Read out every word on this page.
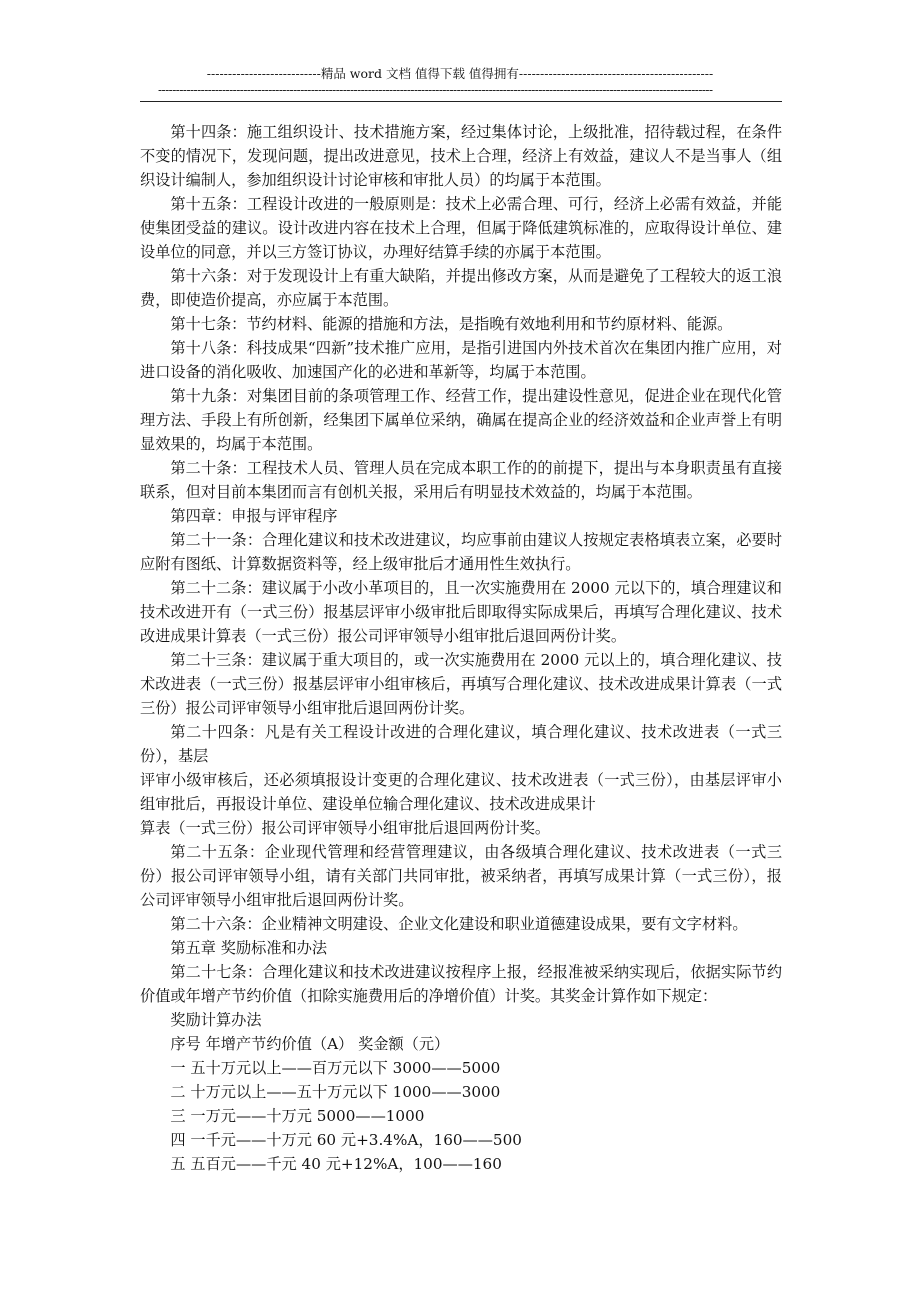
---------------------------精品 word 文档 值得下载 值得拥有----------------------------------------------
------------------------------------------------------------------------------------------------------------------------------------------------------------

第十四条：施工组织设计、技术措施方案，经过集体讨论，上级批准，招待载过程，在条件不变的情况下，发现问题，提出改进意见，技术上合理，经济上有效益，建议人不是当事人（组织设计编制人，参加组织设计讨论审核和审批人员）的均属于本范围。

第十五条：工程设计改进的一般原则是：技术上必需合理、可行，经济上必需有效益，并能使集团受益的建议。设计改进内容在技术上合理，但属于降低建筑标准的，应取得设计单位、建设单位的同意，并以三方签订协议，办理好结算手续的亦属于本范围。

第十六条：对于发现设计上有重大缺陷，并提出修改方案，从而是避免了工程较大的返工浪费，即使造价提高，亦应属于本范围。

第十七条：节约材料、能源的措施和方法，是指晚有效地利用和节约原材料、能源。

第十八条：科技成果“四新”技术推广应用，是指引进国内外技术首次在集团内推广应用，对进口设备的消化吸收、加速国产化的必进和革新等，均属于本范围。

第十九条：对集团目前的条项管理工作、经营工作，提出建设性意见，促进企业在现代化管理方法、手段上有所创新，经集团下属单位采纳，确属在提高企业的经济效益和企业声誉上有明显效果的，均属于本范围。

第二十条：工程技术人员、管理人员在完成本职工作的的前提下，提出与本身职责虽有直接联系，但对目前本集团而言有创机关报，采用后有明显技术效益的，均属于本范围。

第四章：申报与评审程序

第二十一条：合理化建议和技术改进建议，均应事前由建议人按规定表格填表立案，必要时应附有图纸、计算数据资料等，经上级审批后才通用性生效执行。

第二十二条：建议属于小改小革项目的，且一次实施费用在 2000 元以下的，填合理建议和技术改进开有（一式三份）报基层评审小级审批后即取得实际成果后，再填写合理化建议、技术改进成果计算表（一式三份）报公司评审领导小组审批后退回两份计奖。

第二十三条：建议属于重大项目的，或一次实施费用在 2000 元以上的，填合理化建议、技术改进表（一式三份）报基层评审小组审核后，再填写合理化建议、技术改进成果计算表（一式三份）报公司评审领导小组审批后退回两份计奖。

第二十四条：凡是有关工程设计改进的合理化建议，填合理化建议、技术改进表（一式三份），基层

评审小级审核后，还必须填报设计变更的合理化建议、技术改进表（一式三份），由基层评审小组审批后，再报设计单位、建设单位输合理化建议、技术改进成果计

算表（一式三份）报公司评审领导小组审批后退回两份计奖。

第二十五条：企业现代管理和经营管理建议，由各级填合理化建议、技术改进表（一式三份）报公司评审领导小组，请有关部门共同审批，被采纳者，再填写成果计算（一式三份），报公司评审领导小组审批后退回两份计奖。

第二十六条：企业精神文明建设、企业文化建设和职业道德建设成果，要有文字材料。

第五章 奖励标准和办法

第二十七条：合理化建议和技术改进建议按程序上报，经报准被采纳实现后，依据实际节约价值或年增产节约价值（扣除实施费用后的净增价值）计奖。其奖金计算作如下规定：

奖励计算办法

序号 年增产节约价值（A） 奖金额（元）

一 五十万元以上——百万元以下 3000——5000

二 十万元以上——五十万元以下 1000——3000

三 一万元——十万元 5000——1000

四 一千元——十万元 60 元+3.4%A，160——500

五 五百元——千元 40 元+12%A，100——160
